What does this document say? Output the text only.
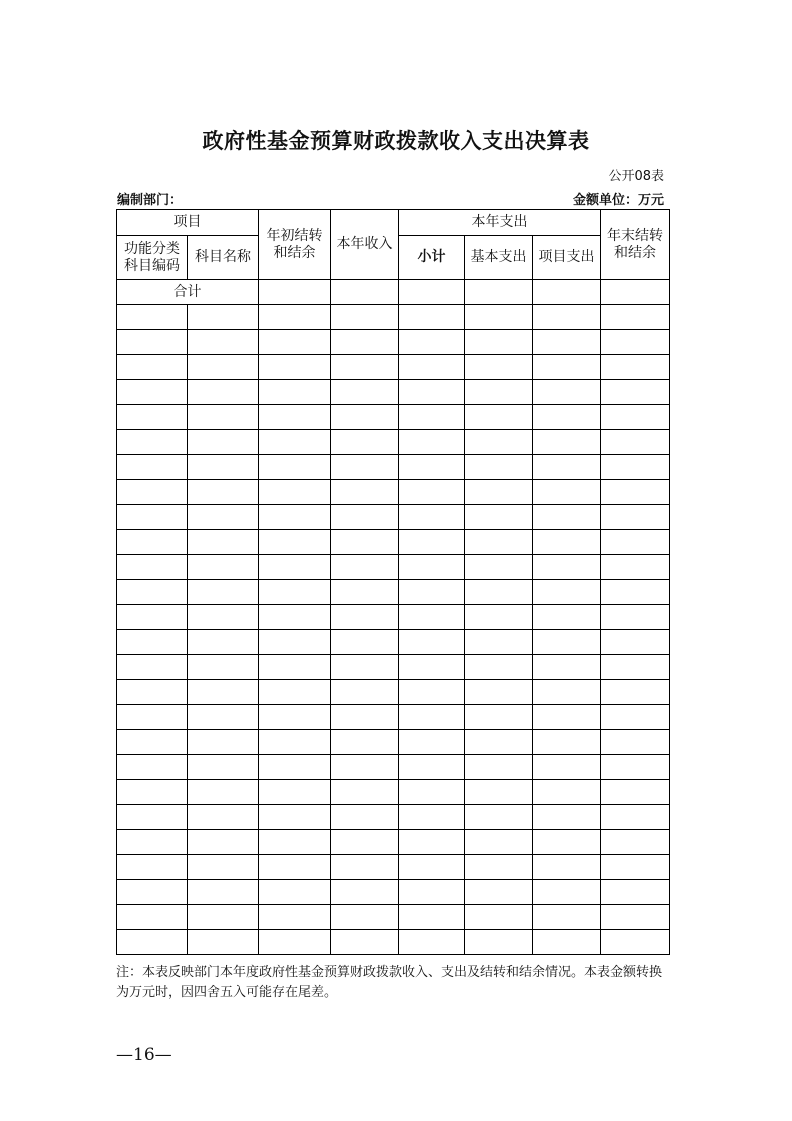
政府性基金预算财政拨款收入支出决算表
公开08表
编制部门：	金额单位：万元
项目		年初结转和结余	本年收入	本年支出			年末结转和结余

功能分类科目编码	科目名称			小计	基本支出	项目支出	
合计							

注：本表反映部门本年度政府性基金预算财政拨款收入、支出及结转和结余情况。本表金额转换为万元时，因四舍五入可能存在尾差。
—16—
